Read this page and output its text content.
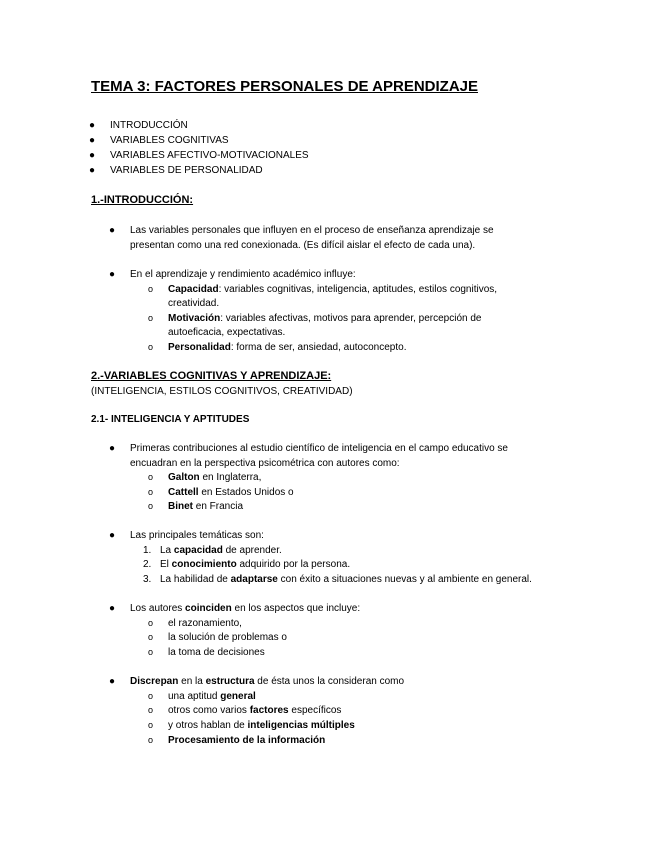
TEMA 3: FACTORES PERSONALES DE APRENDIZAJE
● INTRODUCCIÓN
● VARIABLES COGNITIVAS
● VARIABLES AFECTIVO-MOTIVACIONALES
● VARIABLES DE PERSONALIDAD
1.-INTRODUCCIÓN:
● Las variables personales que influyen en el proceso de enseñanza aprendizaje se
presentan como una red conexionada. (Es difícil aislar el efecto de cada una).
● En el aprendizaje y rendimiento académico influye:
o Capacidad: variables cognitivas, inteligencia, aptitudes, estilos cognitivos,
creatividad.
o Motivación: variables afectivas, motivos para aprender, percepción de
autoeficacia, expectativas.
o Personalidad: forma de ser, ansiedad, autoconcepto.
2.-VARIABLES COGNITIVAS Y APRENDIZAJE:
(INTELIGENCIA, ESTILOS COGNITIVOS, CREATIVIDAD)
2.1- INTELIGENCIA Y APTITUDES
● Primeras contribuciones al estudio científico de inteligencia en el campo educativo se
encuadran en la perspectiva psicométrica con autores como:
o Galton en Inglaterra,
o Cattell en Estados Unidos o
o Binet en Francia
● Las principales temáticas son:
1. La capacidad de aprender.
2. El conocimiento adquirido por la persona.
3. La habilidad de adaptarse con éxito a situaciones nuevas y al ambiente en general.
● Los autores coinciden en los aspectos que incluye:
o el razonamiento,
o la solución de problemas o
o la toma de decisiones
● Discrepan en la estructura de ésta unos la consideran como
o una aptitud general
o otros como varios factores específicos
o y otros hablan de inteligencias múltiples
o Procesamiento de la información
